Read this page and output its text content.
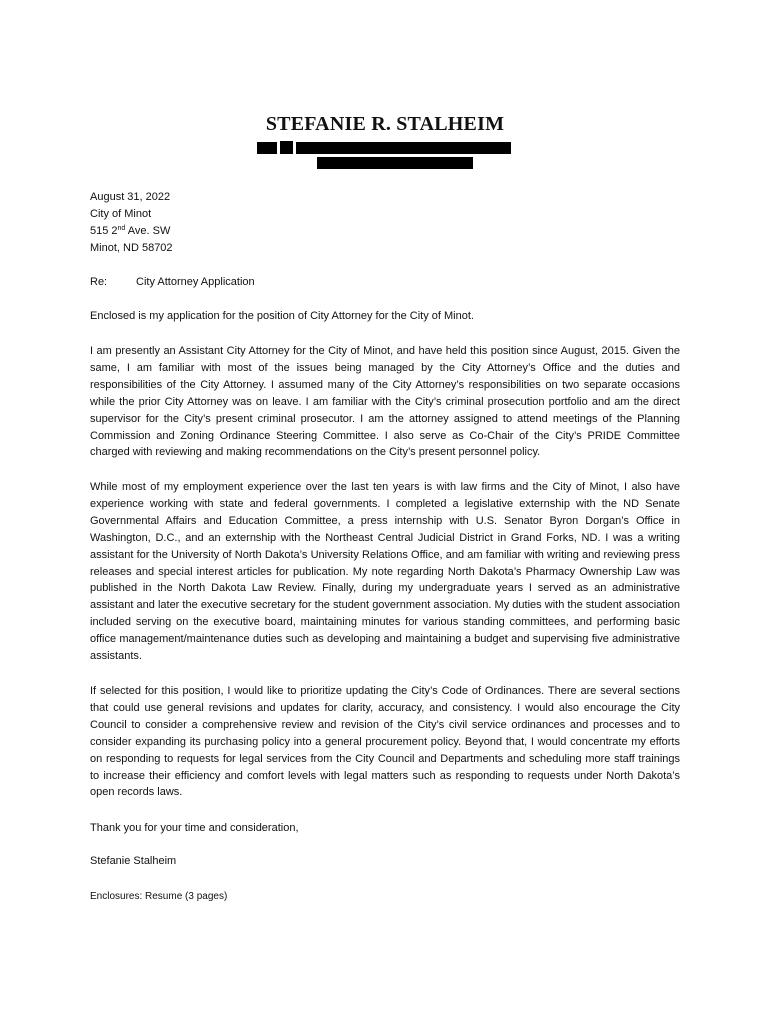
STEFANIE R. STALHEIM
August 31, 2022
City of Minot
515 2nd Ave. SW
Minot, ND 58702
Re:	City Attorney Application
Enclosed is my application for the position of City Attorney for the City of Minot.
I am presently an Assistant City Attorney for the City of Minot, and have held this position since August, 2015. Given the same, I am familiar with most of the issues being managed by the City Attorney’s Office and the duties and responsibilities of the City Attorney. I assumed many of the City Attorney’s responsibilities on two separate occasions while the prior City Attorney was on leave. I am familiar with the City’s criminal prosecution portfolio and am the direct supervisor for the City’s present criminal prosecutor. I am the attorney assigned to attend meetings of the Planning Commission and Zoning Ordinance Steering Committee. I also serve as Co-Chair of the City’s PRIDE Committee charged with reviewing and making recommendations on the City’s present personnel policy.
While most of my employment experience over the last ten years is with law firms and the City of Minot, I also have experience working with state and federal governments. I completed a legislative externship with the ND Senate Governmental Affairs and Education Committee, a press internship with U.S. Senator Byron Dorgan’s Office in Washington, D.C., and an externship with the Northeast Central Judicial District in Grand Forks, ND. I was a writing assistant for the University of North Dakota’s University Relations Office, and am familiar with writing and reviewing press releases and special interest articles for publication. My note regarding North Dakota’s Pharmacy Ownership Law was published in the North Dakota Law Review. Finally, during my undergraduate years I served as an administrative assistant and later the executive secretary for the student government association. My duties with the student association included serving on the executive board, maintaining minutes for various standing committees, and performing basic office management/maintenance duties such as developing and maintaining a budget and supervising five administrative assistants.
If selected for this position, I would like to prioritize updating the City’s Code of Ordinances. There are several sections that could use general revisions and updates for clarity, accuracy, and consistency. I would also encourage the City Council to consider a comprehensive review and revision of the City’s civil service ordinances and processes and to consider expanding its purchasing policy into a general procurement policy. Beyond that, I would concentrate my efforts on responding to requests for legal services from the City Council and Departments and scheduling more staff trainings to increase their efficiency and comfort levels with legal matters such as responding to requests under North Dakota’s open records laws.
Thank you for your time and consideration,
Stefanie Stalheim
Enclosures: Resume (3 pages)
